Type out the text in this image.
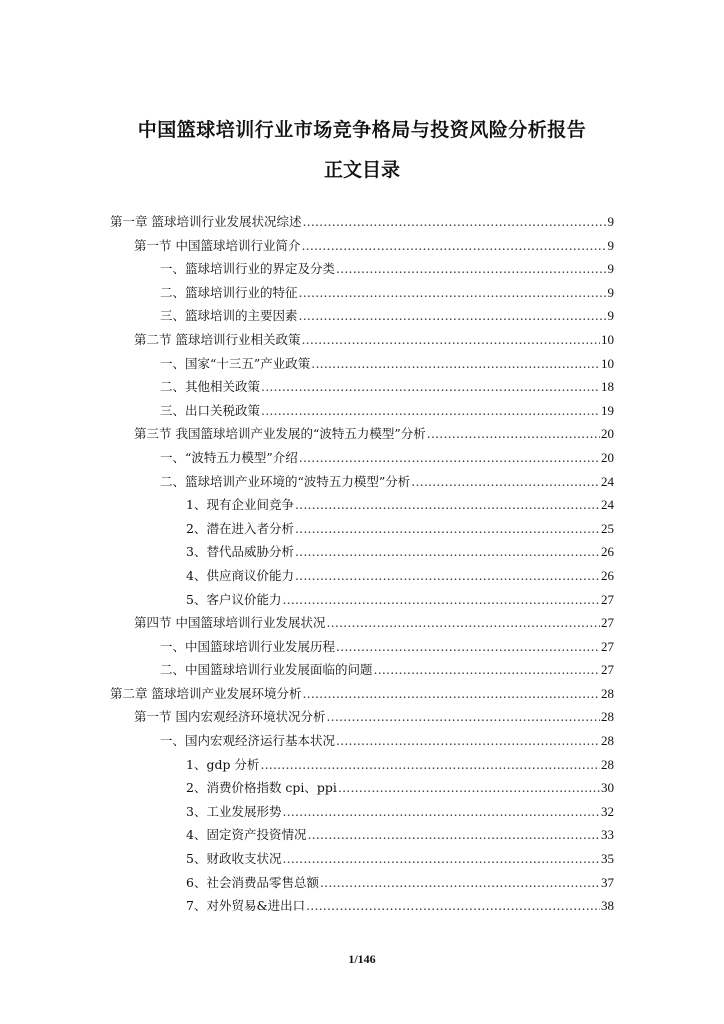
中国篮球培训行业市场竞争格局与投资风险分析报告
正文目录
第一章 篮球培训行业发展状况综述 .....	9
第一节 中国篮球培训行业简介 .....	9
一、篮球培训行业的界定及分类 .....	9
二、篮球培训行业的特征 .....	9
三、篮球培训的主要因素 .....	9
第二节 篮球培训行业相关政策 .....	10
一、国家“十三五”产业政策 .....	10
二、其他相关政策 .....	18
三、出口关税政策 .....	19
第三节 我国篮球培训产业发展的“波特五力模型”分析 .....	20
一、“波特五力模型”介绍 .....	20
二、篮球培训产业环境的“波特五力模型”分析 .....	24
1、现有企业间竞争 .....	24
2、潜在进入者分析 .....	25
3、替代品威胁分析 .....	26
4、供应商议价能力 .....	26
5、客户议价能力 .....	27
第四节 中国篮球培训行业发展状况 .....	27
一、中国篮球培训行业发展历程 .....	27
二、中国篮球培训行业发展面临的问题 .....	27
第二章 篮球培训产业发展环境分析 .....	28
第一节 国内宏观经济环境状况分析 .....	28
一、国内宏观经济运行基本状况 .....	28
1、gdp 分析 .....	28
2、消费价格指数 cpi、ppi .....	30
3、工业发展形势 .....	32
4、固定资产投资情况 .....	33
5、财政收支状况 .....	35
6、社会消费品零售总额 .....	37
7、对外贸易&进出口 .....	38
1/146
